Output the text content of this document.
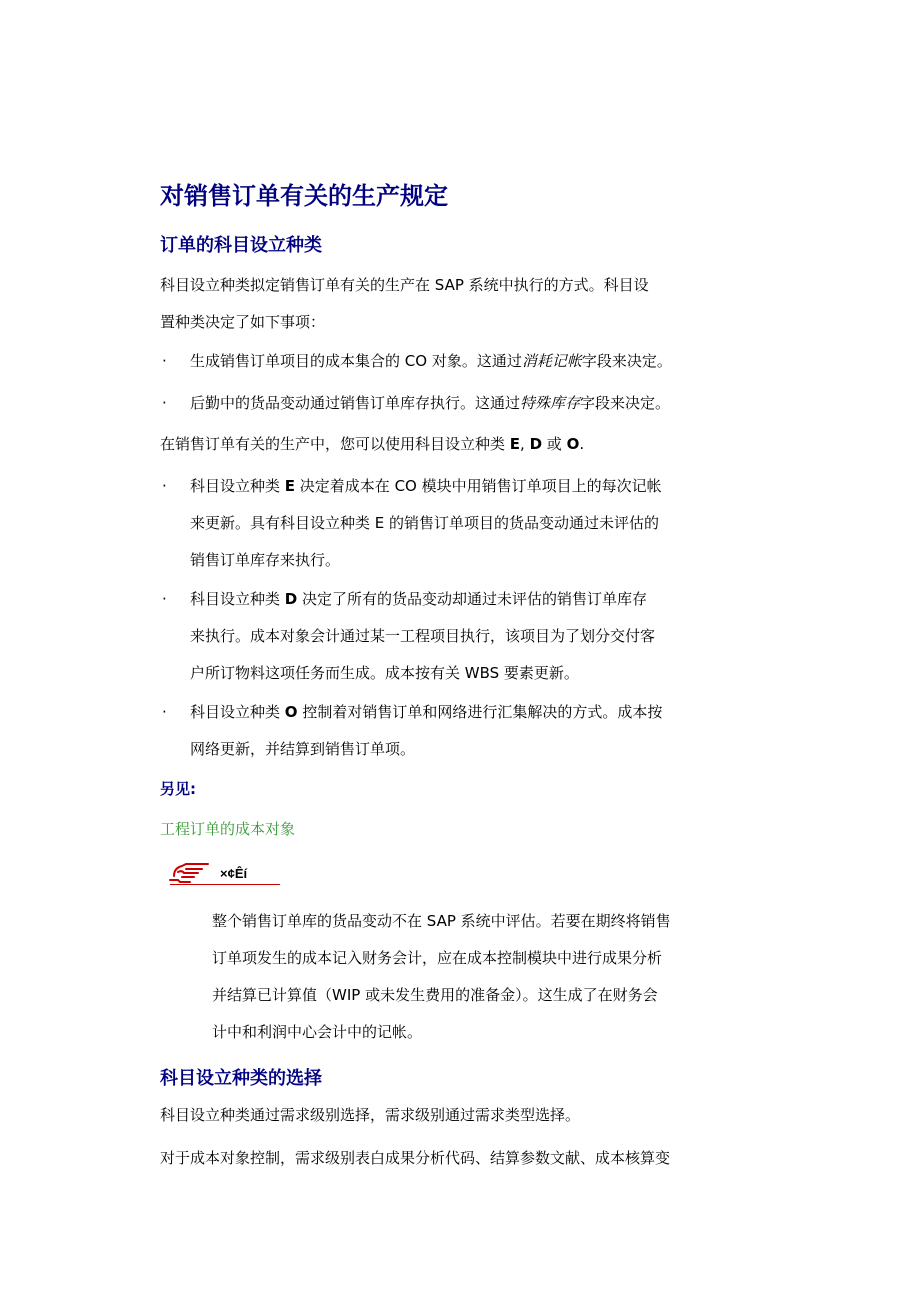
对销售订单有关的生产规定
订单的科目设立种类
科目设立种类拟定销售订单有关的生产在 SAP 系统中执行的方式。科目设
置种类决定了如下事项：
· 生成销售订单项目的成本集合的 CO 对象。这通过消耗记帐字段来决定。
· 后勤中的货品变动通过销售订单库存执行。这通过特殊库存字段来决定。
在销售订单有关的生产中，您可以使用科目设立种类 E, D 或 O.
· 科目设立种类 E 决定着成本在 CO 模块中用销售订单项目上的每次记帐
来更新。具有科目设立种类 E 的销售订单项目的货品变动通过未评估的
销售订单库存来执行。
· 科目设立种类 D 决定了所有的货品变动却通过未评估的销售订单库存
来执行。成本对象会计通过某一工程项目执行，该项目为了划分交付客
户所订物料这项任务而生成。成本按有关 WBS 要素更新。
· 科目设立种类 O 控制着对销售订单和网络进行汇集解决的方式。成本按
网络更新，并结算到销售订单项。
另见:
工程订单的成本对象
×¢Êí
整个销售订单库的货品变动不在 SAP 系统中评估。若要在期终将销售
订单项发生的成本记入财务会计，应在成本控制模块中进行成果分析
并结算已计算值（WIP 或未发生费用的准备金）。这生成了在财务会
计中和利润中心会计中的记帐。
科目设立种类的选择
科目设立种类通过需求级别选择，需求级别通过需求类型选择。
对于成本对象控制，需求级别表白成果分析代码、结算参数文献、成本核算变
